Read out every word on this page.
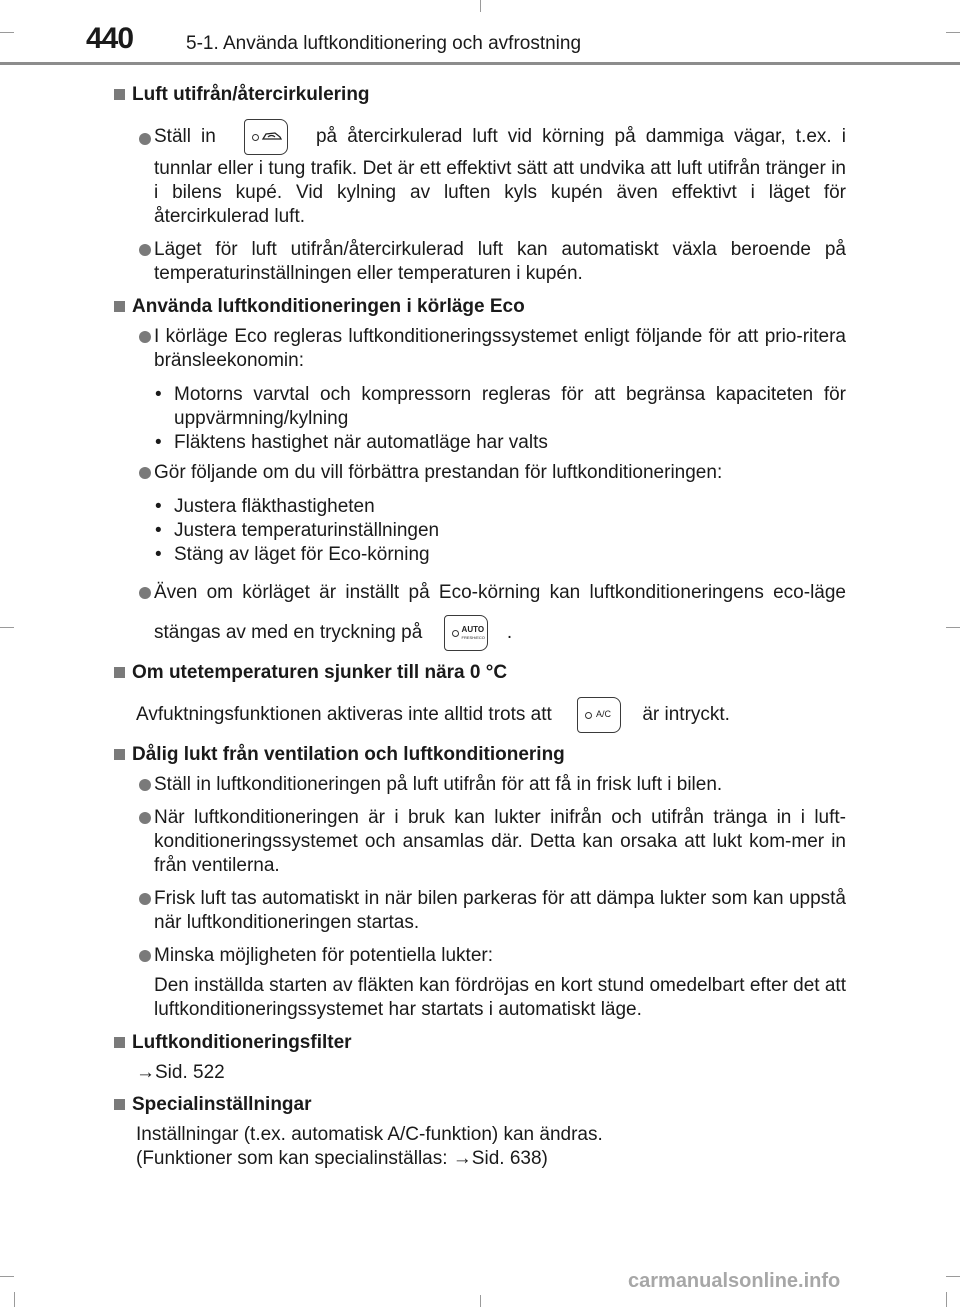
440	5-1. Använda luftkonditionering och avfrostning
Luft utifrån/återcirkulering
Ställ in	på återcirkulerad luft vid körning på dammiga vägar, t.ex. i tunnlar eller i tung trafik. Det är ett effektivt sätt att undvika att luft utifrån tränger in i bilens kupé. Vid kylning av luften kyls kupén även effektivt i läget för återcirkulerad luft.
Läget för luft utifrån/återcirkulerad luft kan automatiskt växla beroende på temperaturinställningen eller temperaturen i kupén.
Använda luftkonditioneringen i körläge Eco
I körläge Eco regleras luftkonditioneringssystemet enligt följande för att prio-ritera bränsleekonomin:
• Motorns varvtal och kompressorn regleras för att begränsa kapaciteten för uppvärmning/kylning
• Fläktens hastighet när automatläge har valts
Gör följande om du vill förbättra prestandan för luftkonditioneringen:
• Justera fläkthastigheten
• Justera temperaturinställningen
• Stäng av läget för Eco-körning
Även om körläget är inställt på Eco-körning kan luftkonditioneringens eco-läge stängas av med en tryckning på	AUTO
FRESH/ECO .
Om utetemperaturen sjunker till nära 0 °C
Avfuktningsfunktionen aktiveras inte alltid trots att	A/C är intryckt.
Dålig lukt från ventilation och luftkonditionering
Ställ in luftkonditioneringen på luft utifrån för att få in frisk luft i bilen.
När luftkonditioneringen är i bruk kan lukter inifrån och utifrån tränga in i luft-konditioneringssystemet och ansamlas där. Detta kan orsaka att lukt kom-mer in från ventilerna.
Frisk luft tas automatiskt in när bilen parkeras för att dämpa lukter som kan uppstå när luftkonditioneringen startas.
Minska möjligheten för potentiella lukter:
Den inställda starten av fläkten kan fördröjas en kort stund omedelbart efter det att luftkonditioneringssystemet har startats i automatiskt läge.
Luftkonditioneringsfilter
→Sid. 522
Specialinställningar
Inställningar (t.ex. automatisk A/C-funktion) kan ändras.
(Funktioner som kan specialinställas: →Sid. 638)
carmanualsonline.info
